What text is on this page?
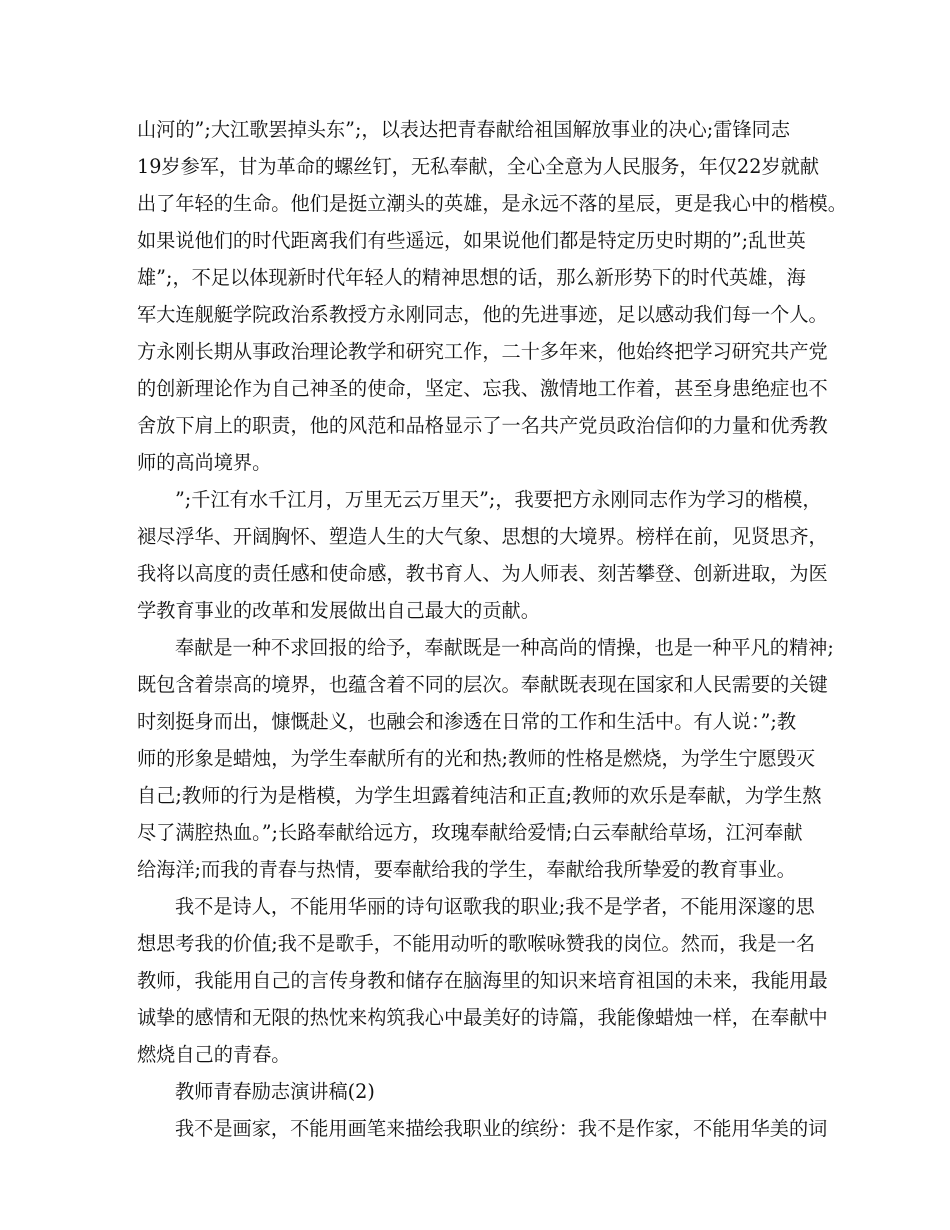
山河的”;大江歌罢掉头东”;，以表达把青春献给祖国解放事业的决心;雷锋同志
19岁参军，甘为革命的螺丝钉，无私奉献，全心全意为人民服务，年仅22岁就献
出了年轻的生命。他们是挺立潮头的英雄，是永远不落的星辰，更是我心中的楷模。
如果说他们的时代距离我们有些遥远，如果说他们都是特定历史时期的”;乱世英
雄”;，不足以体现新时代年轻人的精神思想的话，那么新形势下的时代英雄，海
军大连舰艇学院政治系教授方永刚同志，他的先进事迹，足以感动我们每一个人。
方永刚长期从事政治理论教学和研究工作，二十多年来，他始终把学习研究共产党
的创新理论作为自己神圣的使命，坚定、忘我、激情地工作着，甚至身患绝症也不
舍放下肩上的职责，他的风范和品格显示了一名共产党员政治信仰的力量和优秀教
师的高尚境界。
”;千江有水千江月，万里无云万里天”;，我要把方永刚同志作为学习的楷模，
褪尽浮华、开阔胸怀、塑造人生的大气象、思想的大境界。榜样在前，见贤思齐，
我将以高度的责任感和使命感，教书育人、为人师表、刻苦攀登、创新进取，为医
学教育事业的改革和发展做出自己最大的贡献。
奉献是一种不求回报的给予，奉献既是一种高尚的情操，也是一种平凡的精神;
既包含着崇高的境界，也蕴含着不同的层次。奉献既表现在国家和人民需要的关键
时刻挺身而出，慷慨赴义，也融会和渗透在日常的工作和生活中。有人说：”;教
师的形象是蜡烛，为学生奉献所有的光和热;教师的性格是燃烧，为学生宁愿毁灭
自己;教师的行为是楷模，为学生坦露着纯洁和正直;教师的欢乐是奉献，为学生熬
尽了满腔热血。”;长路奉献给远方，玫瑰奉献给爱情;白云奉献给草场，江河奉献
给海洋;而我的青春与热情，要奉献给我的学生，奉献给我所挚爱的教育事业。
我不是诗人，不能用华丽的诗句讴歌我的职业;我不是学者，不能用深邃的思
想思考我的价值;我不是歌手，不能用动听的歌喉咏赞我的岗位。然而，我是一名
教师，我能用自己的言传身教和储存在脑海里的知识来培育祖国的未来，我能用最
诚挚的感情和无限的热忱来构筑我心中最美好的诗篇，我能像蜡烛一样，在奉献中
燃烧自己的青春。
教师青春励志演讲稿(2)
我不是画家，不能用画笔来描绘我职业的缤纷：我不是作家，不能用华美的词
